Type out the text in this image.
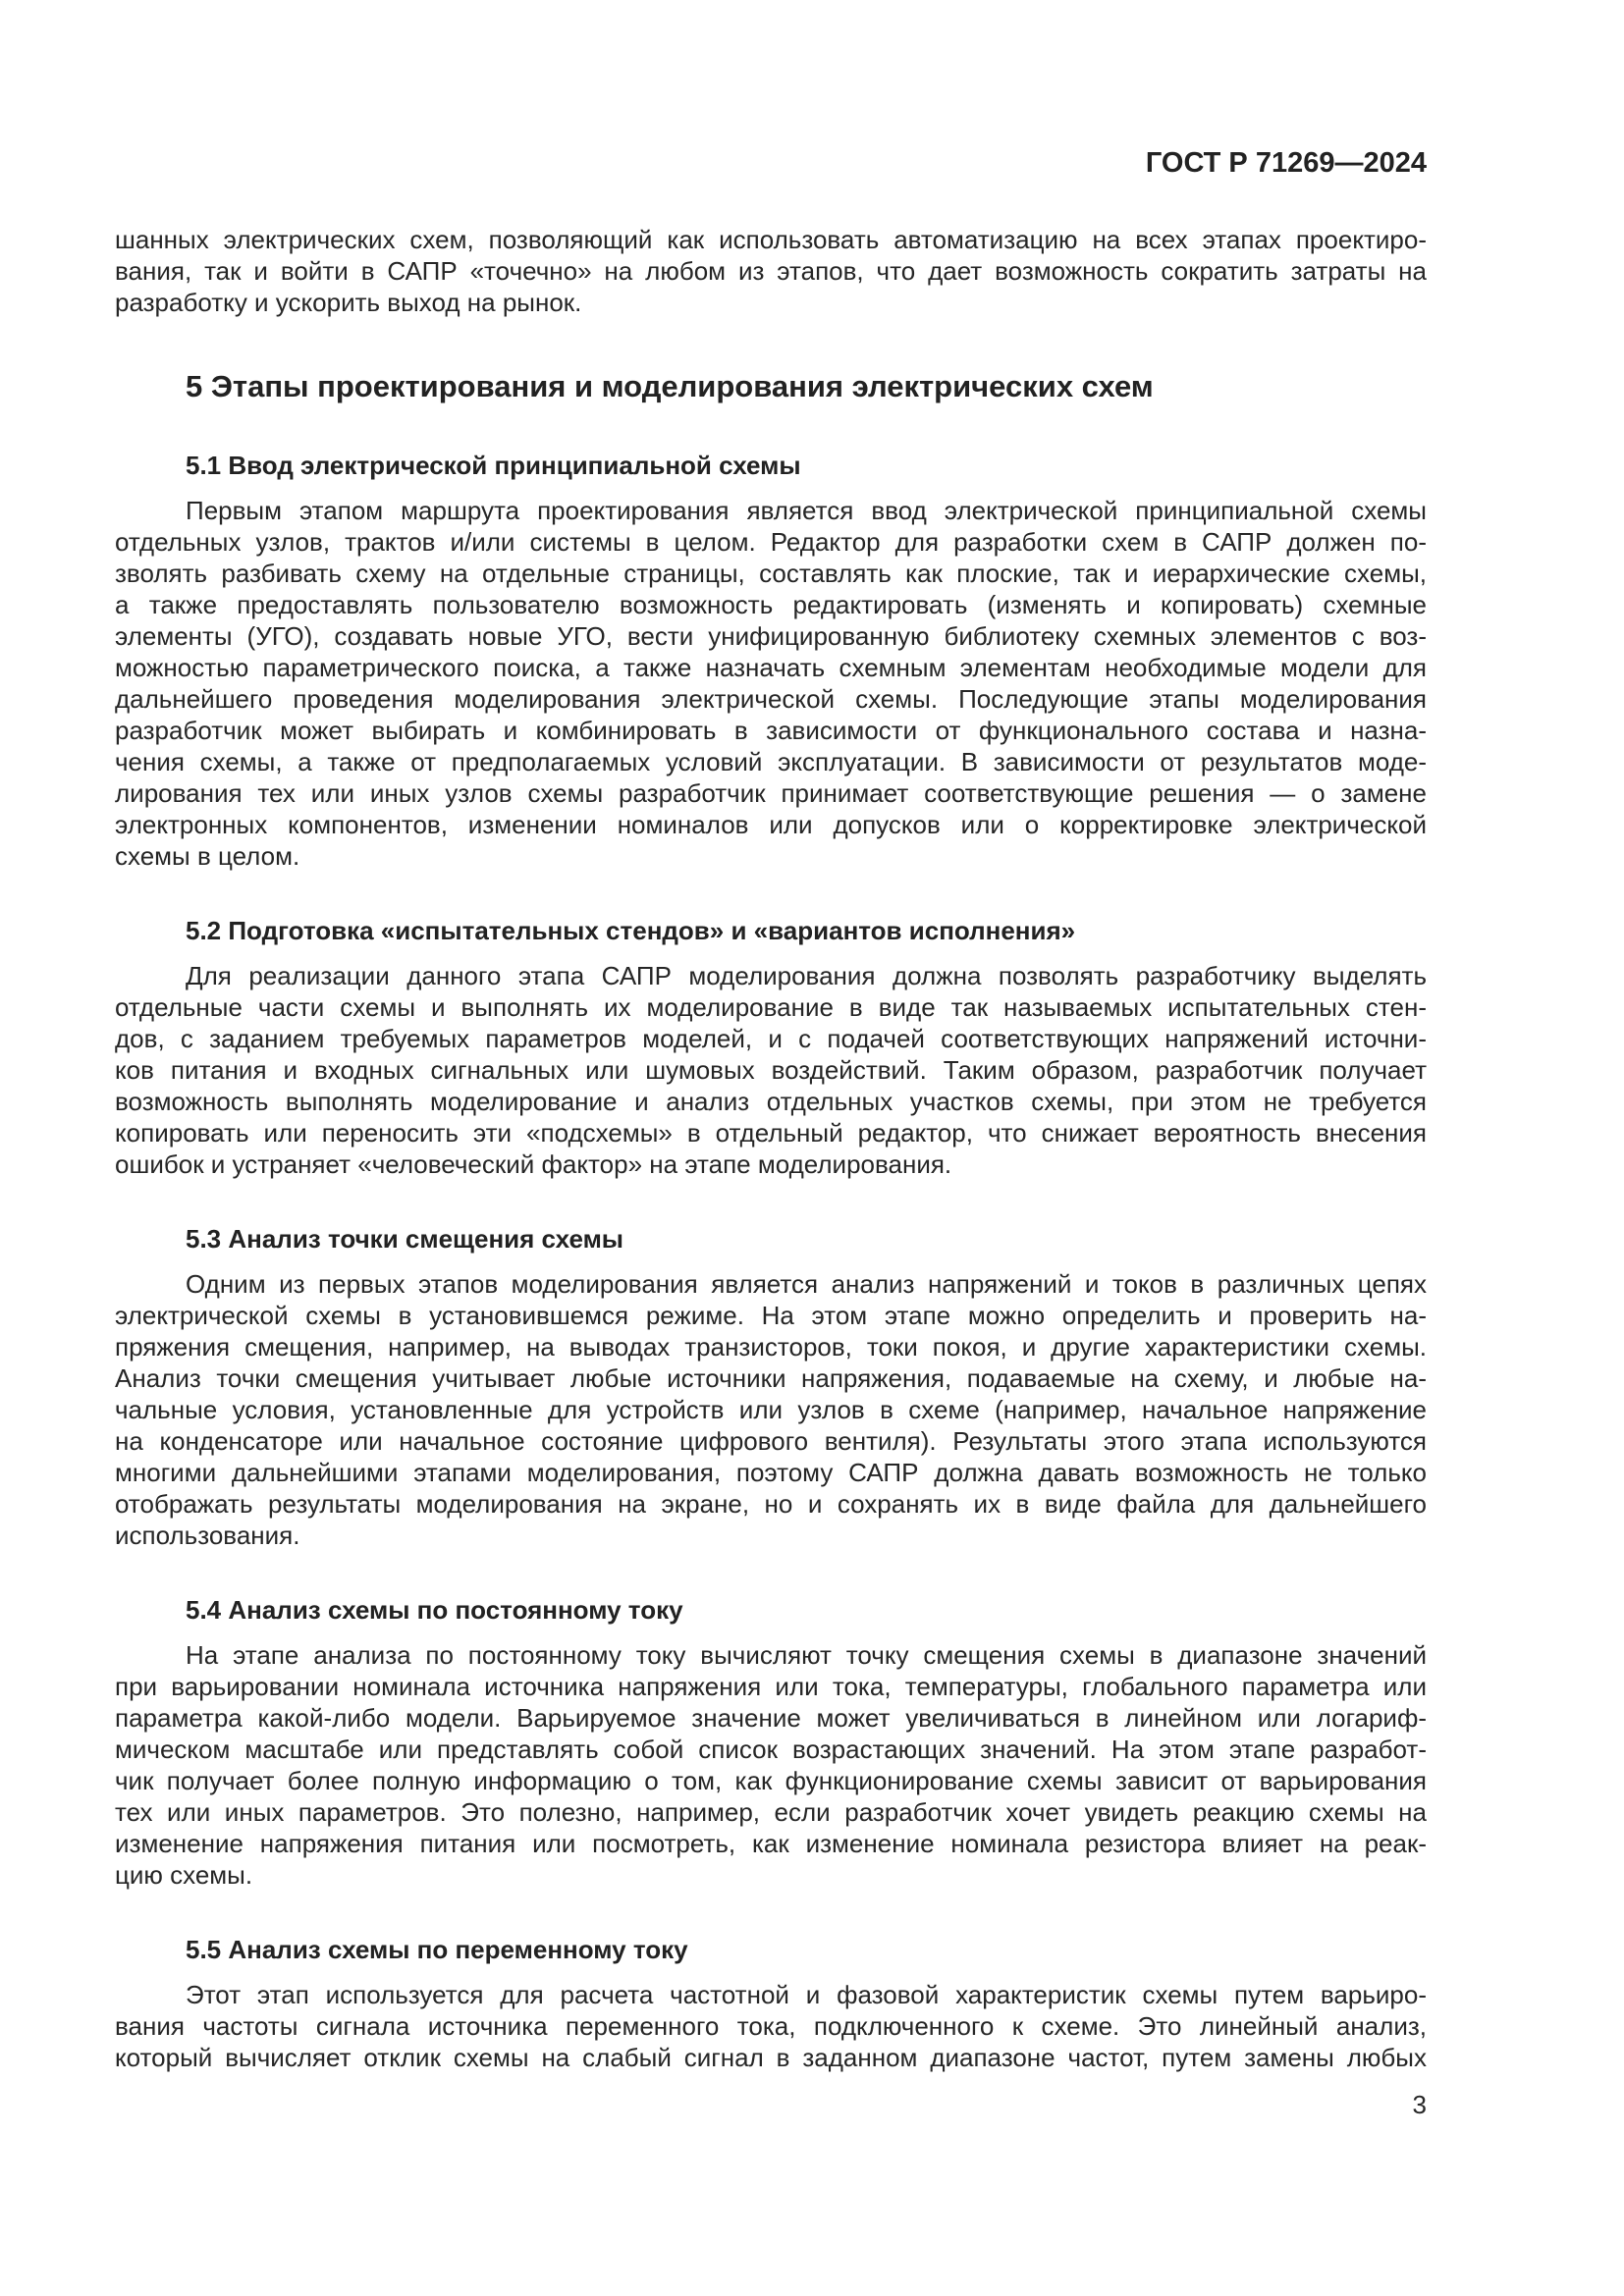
ГОСТ Р 71269—2024
шанных электрических схем, позволяющий как использовать автоматизацию на всех этапах проектиро-
вания, так и войти в САПР «точечно» на любом из этапов, что дает возможность сократить затраты на
разработку и ускорить выход на рынок.
5 Этапы проектирования и моделирования электрических схем
5.1 Ввод электрической принципиальной схемы
Первым этапом маршрута проектирования является ввод электрической принципиальной схемы
отдельных узлов, трактов и/или системы в целом. Редактор для разработки схем в САПР должен по-
зволять разбивать схему на отдельные страницы, составлять как плоские, так и иерархические схемы,
а также предоставлять пользователю возможность редактировать (изменять и копировать) схемные
элементы (УГО), создавать новые УГО, вести унифицированную библиотеку схемных элементов с воз-
можностью параметрического поиска, а также назначать схемным элементам необходимые модели для
дальнейшего проведения моделирования электрической схемы. Последующие этапы моделирования
разработчик может выбирать и комбинировать в зависимости от функционального состава и назна-
чения схемы, а также от предполагаемых условий эксплуатации. В зависимости от результатов моде-
лирования тех или иных узлов схемы разработчик принимает соответствующие решения — о замене
электронных компонентов, изменении номиналов или допусков или о корректировке электрической
схемы в целом.
5.2 Подготовка «испытательных стендов» и «вариантов исполнения»
Для реализации данного этапа САПР моделирования должна позволять разработчику выделять
отдельные части схемы и выполнять их моделирование в виде так называемых испытательных стен-
дов, с заданием требуемых параметров моделей, и с подачей соответствующих напряжений источни-
ков питания и входных сигнальных или шумовых воздействий. Таким образом, разработчик получает
возможность выполнять моделирование и анализ отдельных участков схемы, при этом не требуется
копировать или переносить эти «подсхемы» в отдельный редактор, что снижает вероятность внесения
ошибок и устраняет «человеческий фактор» на этапе моделирования.
5.3 Анализ точки смещения схемы
Одним из первых этапов моделирования является анализ напряжений и токов в различных цепях
электрической схемы в установившемся режиме. На этом этапе можно определить и проверить на-
пряжения смещения, например, на выводах транзисторов, токи покоя, и другие характеристики схемы.
Анализ точки смещения учитывает любые источники напряжения, подаваемые на схему, и любые на-
чальные условия, установленные для устройств или узлов в схеме (например, начальное напряжение
на конденсаторе или начальное состояние цифрового вентиля). Результаты этого этапа используются
многими дальнейшими этапами моделирования, поэтому САПР должна давать возможность не только
отображать результаты моделирования на экране, но и сохранять их в виде файла для дальнейшего
использования.
5.4 Анализ схемы по постоянному току
На этапе анализа по постоянному току вычисляют точку смещения схемы в диапазоне значений
при варьировании номинала источника напряжения или тока, температуры, глобального параметра или
параметра какой-либо модели. Варьируемое значение может увеличиваться в линейном или логариф-
мическом масштабе или представлять собой список возрастающих значений. На этом этапе разработ-
чик получает более полную информацию о том, как функционирование схемы зависит от варьирования
тех или иных параметров. Это полезно, например, если разработчик хочет увидеть реакцию схемы на
изменение напряжения питания или посмотреть, как изменение номинала резистора влияет на реак-
цию схемы.
5.5 Анализ схемы по переменному току
Этот этап используется для расчета частотной и фазовой характеристик схемы путем варьиро-
вания частоты сигнала источника переменного тока, подключенного к схеме. Это линейный анализ,
который вычисляет отклик схемы на слабый сигнал в заданном диапазоне частот, путем замены любых
3
